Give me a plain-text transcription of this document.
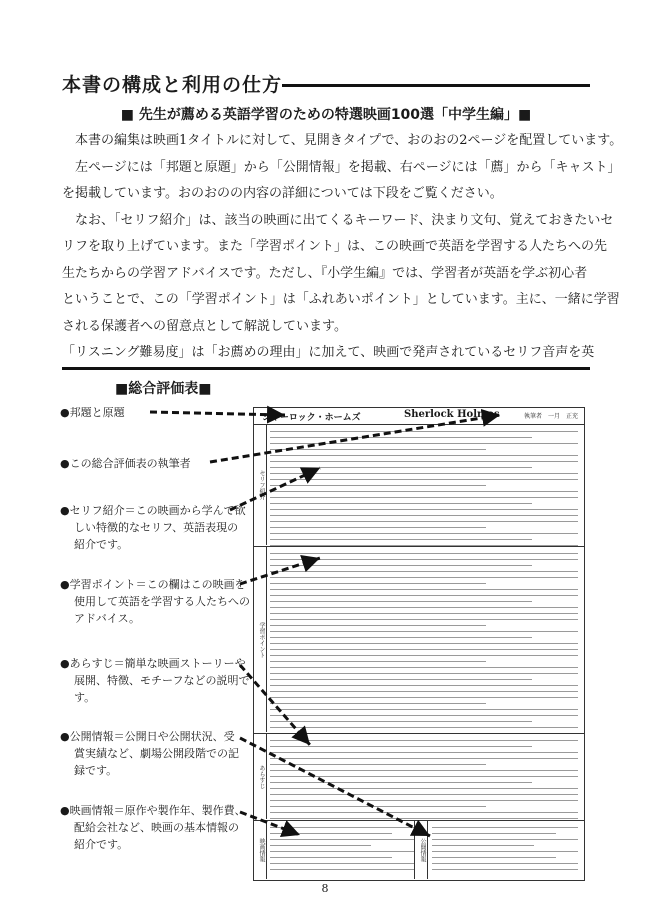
本書の構成と利用の仕方
■ 先生が薦める英語学習のための特選映画100選「中学生編」■

本書の編集は映画1タイトルに対して、見開きタイプで、おのおの2ページを配置しています。

左ページには「邦題と原題」から「公開情報」を掲載、右ページには「薦」から「キャスト」

を掲載しています。おのおのの内容の詳細については下段をご覧ください。

なお、「セリフ紹介」は、該当の映画に出てくるキーワード、決まり文句、覚えておきたいセ

リフを取り上げています。また「学習ポイント」は、この映画で英語を学習する人たちへの先

生たちからの学習アドバイスです。ただし、『小学生編』では、学習者が英語を学ぶ初心者

ということで、この「学習ポイント」は「ふれあいポイント」としています。主に、一緒に学習

される保護者への留意点として解説しています。

「リスニング難易度」は「お薦めの理由」に加えて、映画で発声されているセリフ音声を英

■総合評価表■
●邦題と原題
●この総合評価表の執筆者
●セリフ紹介＝この映画から学んで欲
しい特徴的なセリフ、英語表現の
紹介です。
●学習ポイント＝この欄はこの映画を
使用して英語を学習する人たちへの
アドバイス。
●あらすじ＝簡単な映画ストーリーや
展開、特徴、モチーフなどの説明で
す。
●公開情報＝公開日や公開状況、受
賞実績など、劇場公開段階での記
録です。
●映画情報＝原作や製作年、製作費、
配給会社など、映画の基本情報の
紹介です。
シャーロック・ホームズ	Sherlock Holmes	執筆者　一月　正充
セリフ紹介
学習ポイント
あらすじ
映画情報	公開情報
8
